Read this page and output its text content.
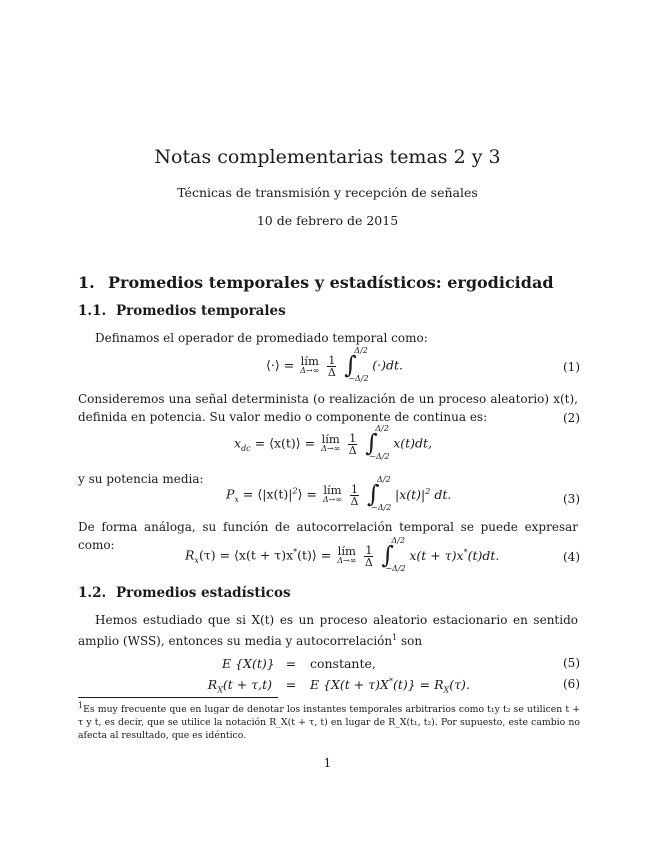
Notas complementarias temas 2 y 3
Técnicas de transmisión y recepción de señales
10 de febrero de 2015
1. Promedios temporales y estadísticos: ergodicidad
1.1. Promedios temporales
Definamos el operador de promediado temporal como:
⟨·⟩ = lím
Δ→∞
$\frac{1}{\Delta}$
∫
Δ/2
−Δ/2
(·)dt.	(1)
Consideremos una señal determinista (o realización de un proceso aleatorio) x(t), definida en potencia. Su valor medio o componente de continua es:
$x_{dc}$ = ⟨x(t)⟩ = lím
Δ→∞
$\frac{1}{\Delta}$
∫
Δ/2
−Δ/2
x(t)dt,
(2)
y su potencia media:
$P_x$ = $⟨|x(t)|^2⟩$ = lím
Δ→∞
$\frac{1}{\Delta}$
∫
Δ/2
−Δ/2
$|x(t)|^2$ dt.	(3)
De forma análoga, su función de autocorrelación temporal se puede expresar como:
$R_x(\tau)$ = ⟨x(t + τ)x*(t)⟩ = lím
Δ→∞
$\frac{1}{\Delta}$
∫
Δ/2
−Δ/2
x(t + τ)x*(t)dt.	(4)
1.2. Promedios estadísticos
Hemos estudiado que si X(t) es un proceso aleatorio estacionario en sentido amplio (WSS), entonces su media y autocorrelación$^1$ son
E {X(t)} = constante,	(5)
$R_X(t + \tau,t) = E$ $\{X(t + \tau)X^*(t)\} = R_X(\tau)$.	(6)
$^1$Es muy frecuente que en lugar de denotar los instantes temporales arbitrarios como t₁y t₂ se utilicen t + τ y t, es decir, que se utilice la notación R_X(t + τ, t) en lugar de R_X(t₁, t₂). Por supuesto, este cambio no afecta al resultado, que es idéntico.
1
